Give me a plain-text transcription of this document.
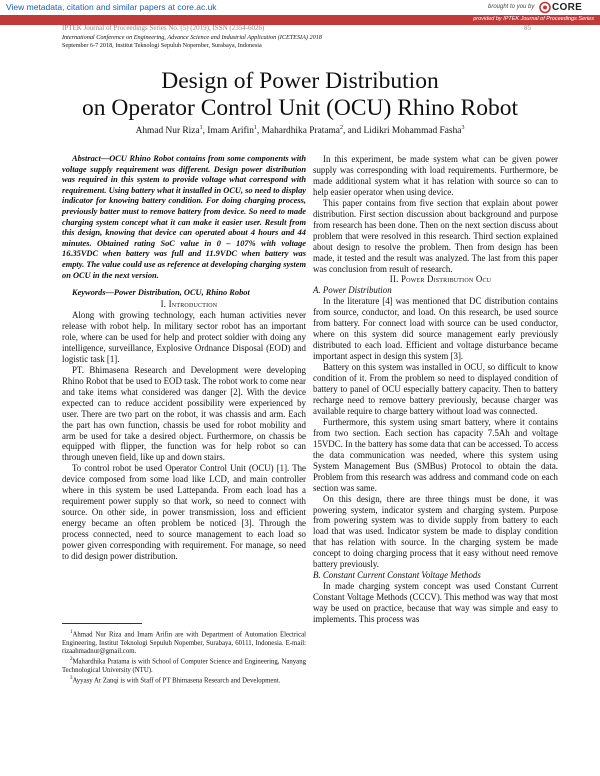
View metadata, citation and similar papers at core.ac.uk	brought to you by CORE
provided by IPTEK Journal of Proceedings Series
IPTEK Journal of Proceedings Series No. (5) (2019), ISSN (2354-6026)	85
International Conference on Engineering, Advance Science and Industrial Application (ICETESIA) 2018
September 6-7 2018, Institut Teknologi Sepuluh Nopember, Surabaya, Indonesia
Design of Power Distribution
on Operator Control Unit (OCU) Rhino Robot
Ahmad Nur Riza$^1$, Imam Arifin$^1$, Mahardhika Pratama$^2$, and Lidikri Mohammad Fasha$^3$

Abstract—OCU Rhino Robot contains from some components with voltage supply requirement was different. Design power distribution was required in this system to provide voltage what correspond with requirement. Using battery what it installed in OCU, so need to display indicator for knowing battery condition. For doing charging process, previously batter must to remove battery from device. So need to made charging system concept what it can make it easier user. Result from this design, knowing that device can operated about 4 hours and 44 minutes. Obtained rating SoC value in 0 – 107% with voltage 16.35VDC when battery was full and 11.9VDC when battery was empty. The value could use as reference at developing charging system on OCU in the next version.

Keywords—Power Distribution, OCU, Rhino Robot

I. Introduction

Along with growing technology, each human activities never release with robot help. In military sector robot has an important role, where can be used for help and protect soldier with doing any intelligence, surveillance, Explosive Ordnance Disposal (EOD) and logistic task [1].

PT. Bhimasena Research and Development were developing Rhino Robot that be used to EOD task. The robot work to come near and take items what considered was danger [2]. With the device expected can to reduce accident possibility were experienced by user. There are two part on the robot, it was chassis and arm. Each the part has own function, chassis be used for robot mobility and arm be used for take a desired object. Furthermore, on chassis be equipped with flipper, the function was for help robot so can through uneven field, like up and down stairs.

To control robot be used Operator Control Unit (OCU) [1]. The device composed from some load like LCD, and main controller where in this system be used Lattepanda. From each load has a requirement power supply so that work, so need to connect with source. On other side, in power transmission, loss and efficient energy became an often problem be noticed [3]. Through the process connected, need to source management to each load so power given corresponding with requirement. For manage, so need to did design power distribution.

$^1$Ahmad Nur Riza and Imam Arifin are with Department of Automation Electrical Engineering, Institut Teknologi Sepuluh Nopember, Surabaya, 60111, Indonesia. E-mail: rizaahmadnur@gmail.com.

$^2$Mahardhika Pratama is with School of Computer Science and Engineering, Nanyang Technological University (NTU).

$^3$Ayyasy Ar Zanqi is with Staff of PT Bhimasena Research and Development.

In this experiment, be made system what can be given power supply was corresponding with load requirements. Furthermore, be made additional system what it has relation with source so can to help easier operator when using device.

This paper contains from five section that explain about power distribution. First section discussion about background and purpose from research has been done. Then on the next section discuss about problem that were resolved in this research. Third section explained about design to resolve the problem. Then from design has been made, it tested and the result was analyzed. The last from this paper was conclusion from result of research.

II. Power Distribution Ocu

A. Power Distribution

In the literature [4] was mentioned that DC distribution contains from source, conductor, and load. On this research, be used source from battery. For connect load with source can be used conductor, where on this system did source management early previously distributed to each load. Efficient and voltage disturbance became important aspect in design this system [3].

Battery on this system was installed in OCU, so difficult to know condition of it. From the problem so need to displayed condition of battery to panel of OCU especially battery capacity. Then to battery recharge need to remove battery previously, because charger was available require to charge battery without load was connected.

Furthermore, this system using smart battery, where it contains from two section. Each section has capacity 7.5Ah and voltage 15VDC. In the battery has some data that can be accessed. To access the data communication was needed, where this system using System Management Bus (SMBus) Protocol to obtain the data. Problem from this research was address and command code on each section was same.

On this design, there are three things must be done, it was powering system, indicator system and charging system. Purpose from powering system was to divide supply from battery to each load that was used. Indicator system be made to display condition that has relation with source. In the charging system be made concept to doing charging process that it easy without need remove battery previously.

B. Constant Current Constant Voltage Methods

In made charging system concept was used Constant Current Constant Voltage Methods (CCCV). This method was way that most way be used on practice, because that way was simple and easy to implements. This process was
